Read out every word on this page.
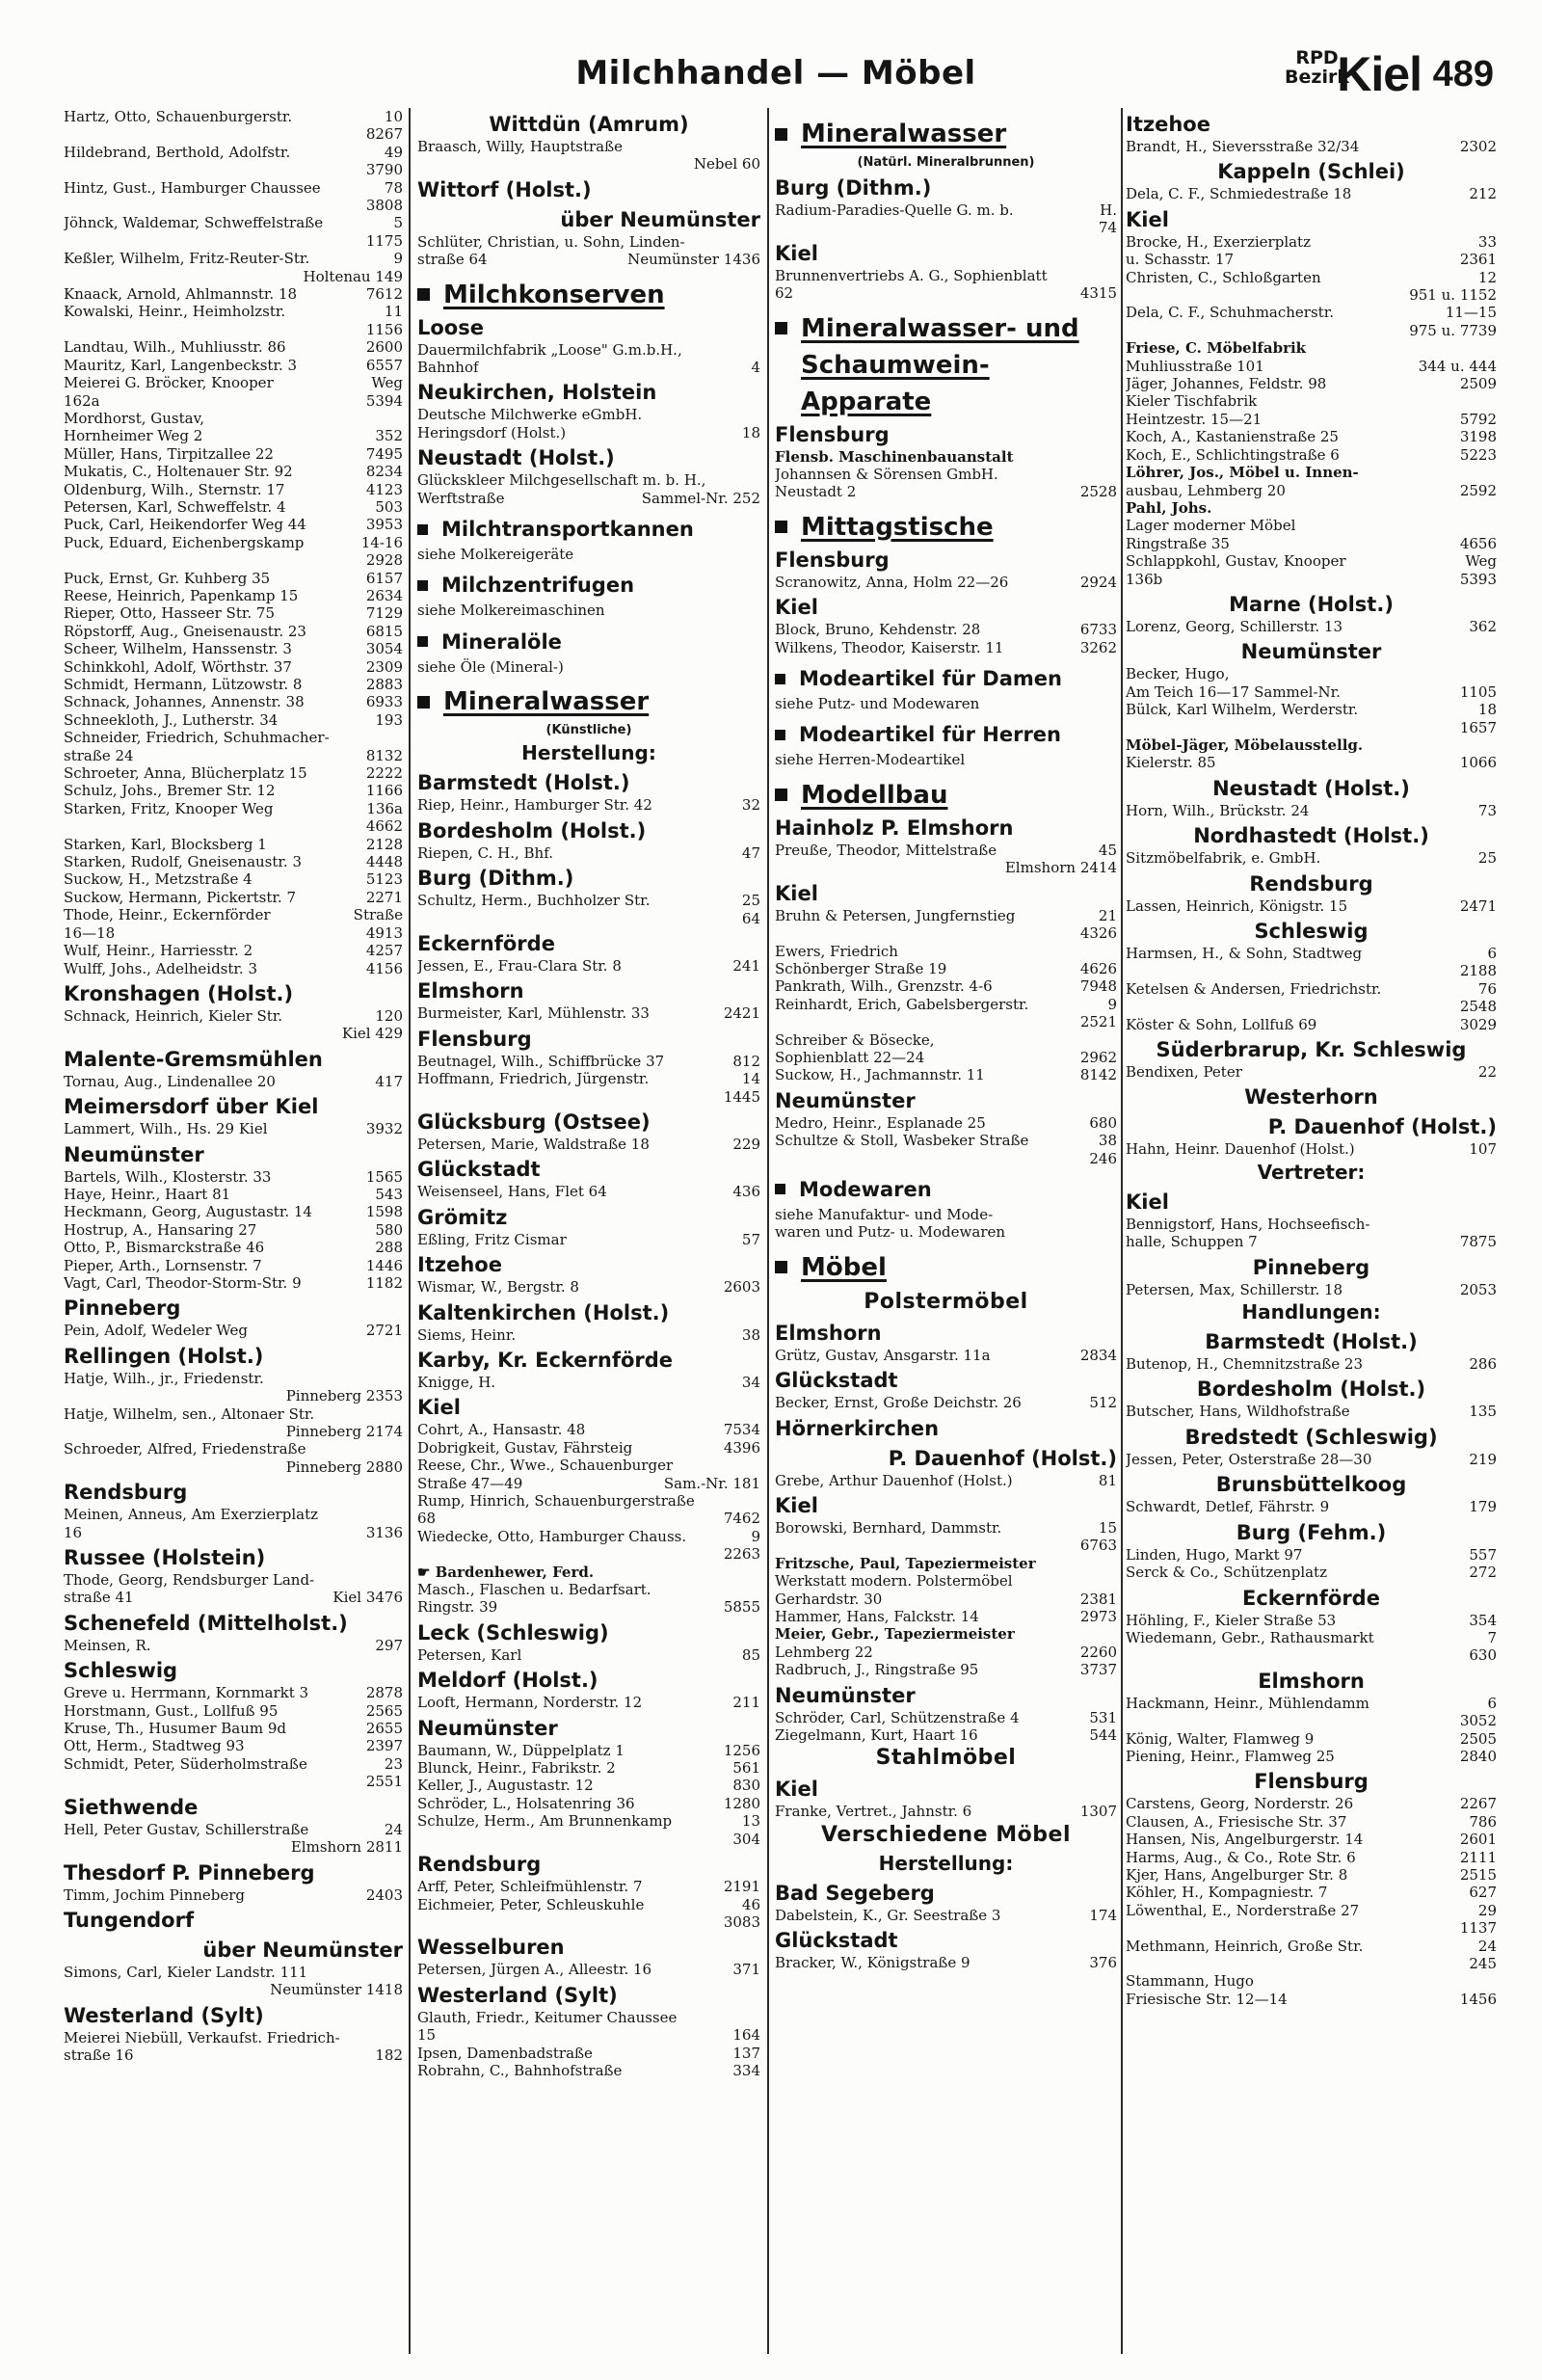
Milchhandel — Möbel	RPD
Bezirk
Kiel 489
Hartz, Otto, Schauenburgerstr.	10
8267
Hildebrand, Berthold, Adolfstr.	49
3790
Hintz, Gust., Hamburger Chaussee	78
3808
Jöhnck, Waldemar, Schweffelstraße	5
1175
Keßler, Wilhelm, Fritz-Reuter-Str.	9
Holtenau 149
Knaack, Arnold, Ahlmannstr. 18	7612
Kowalski, Heinr., Heimholzstr.	11
1156
Landtau, Wilh., Muhliusstr. 86	2600
Mauritz, Karl, Langenbeckstr. 3	6557
Meierei G. Bröcker, Knooper	Weg
162a	5394
Mordhorst, Gustav,
Hornheimer Weg 2	352
Müller, Hans, Tirpitzallee 22	7495
Mukatis, C., Holtenauer Str. 92	8234
Oldenburg, Wilh., Sternstr. 17	4123
Petersen, Karl, Schweffelstr. 4	503
Puck, Carl, Heikendorfer Weg 44	3953
Puck, Eduard, Eichenbergskamp	14-16
2928
Puck, Ernst, Gr. Kuhberg 35	6157
Reese, Heinrich, Papenkamp 15	2634
Rieper, Otto, Hasseer Str. 75	7129
Röpstorff, Aug., Gneisenaustr. 23	6815
Scheer, Wilhelm, Hanssenstr. 3	3054
Schinkkohl, Adolf, Wörthstr. 37	2309
Schmidt, Hermann, Lützowstr. 8	2883
Schnack, Johannes, Annenstr. 38	6933
Schneekloth, J., Lutherstr. 34	193
Schneider, Friedrich, Schuhmacher-
straße 24	8132
Schroeter, Anna, Blücherplatz 15	2222
Schulz, Johs., Bremer Str. 12	1166
Starken, Fritz, Knooper Weg	136a
4662
Starken, Karl, Blocksberg 1	2128
Starken, Rudolf, Gneisenaustr. 3	4448
Suckow, H., Metzstraße 4	5123
Suckow, Hermann, Pickertstr. 7	2271
Thode, Heinr., Eckernförder	Straße
16—18	4913
Wulf, Heinr., Harriesstr. 2	4257
Wulff, Johs., Adelheidstr. 3	4156
Kronshagen (Holst.)
Schnack, Heinrich, Kieler Str.	120
Kiel 429
Malente-Gremsmühlen
Tornau, Aug., Lindenallee 20	417
Meimersdorf über Kiel
Lammert, Wilh., Hs. 29 Kiel	3932
Neumünster
Bartels, Wilh., Klosterstr. 33	1565
Haye, Heinr., Haart 81	543
Heckmann, Georg, Augustastr. 14	1598
Hostrup, A., Hansaring 27	580
Otto, P., Bismarckstraße 46	288
Pieper, Arth., Lornsenstr. 7	1446
Vagt, Carl, Theodor-Storm-Str. 9	1182
Pinneberg
Pein, Adolf, Wedeler Weg	2721
Rellingen (Holst.)
Hatje, Wilh., jr., Friedenstr.
Pinneberg 2353
Hatje, Wilhelm, sen., Altonaer Str.
Pinneberg 2174
Schroeder, Alfred, Friedenstraße
Pinneberg 2880
Rendsburg
Meinen, Anneus, Am Exerzierplatz
16	3136
Russee (Holstein)
Thode, Georg, Rendsburger Land-
straße 41	Kiel 3476
Schenefeld (Mittelholst.)
Meinsen, R.	297
Schleswig
Greve u. Herrmann, Kornmarkt 3	2878
Horstmann, Gust., Lollfuß 95	2565
Kruse, Th., Husumer Baum 9d	2655
Ott, Herm., Stadtweg 93	2397
Schmidt, Peter, Süderholmstraße	23
2551
Siethwende
Hell, Peter Gustav, Schillerstraße	24
Elmshorn 2811
Thesdorf P. Pinneberg
Timm, Jochim Pinneberg	2403
Tungendorf
über Neumünster
Simons, Carl, Kieler Landstr. 111
Neumünster 1418
Westerland (Sylt)
Meierei Niebüll, Verkaufst. Friedrich-
straße 16	182
Wittdün (Amrum)
Braasch, Willy, Hauptstraße
Nebel 60
Wittorf (Holst.)
über Neumünster
Schlüter, Christian, u. Sohn, Linden-
straße 64	Neumünster 1436
Milchkonserven
Loose
Dauermilchfabrik „Loose" G.m.b.H.,
Bahnhof	4
Neukirchen, Holstein
Deutsche Milchwerke eGmbH.
Heringsdorf (Holst.)	18
Neustadt (Holst.)
Glückskleer Milchgesellschaft m. b. H.,
Werftstraße	Sammel-Nr. 252
Milchtransportkannen
siehe Molkereigeräte
Milchzentrifugen
siehe Molkereimaschinen
Mineralöle
siehe Öle (Mineral-)
Mineralwasser
(Künstliche)
Herstellung:
Barmstedt (Holst.)
Riep, Heinr., Hamburger Str. 42	32
Bordesholm (Holst.)
Riepen, C. H., Bhf.	47
Burg (Dithm.)
Schultz, Herm., Buchholzer Str.	25
64
Eckernförde
Jessen, E., Frau-Clara Str. 8	241
Elmshorn
Burmeister, Karl, Mühlenstr. 33	2421
Flensburg
Beutnagel, Wilh., Schiffbrücke 37	812
Hoffmann, Friedrich, Jürgenstr.	14
1445
Glücksburg (Ostsee)
Petersen, Marie, Waldstraße 18	229
Glückstadt
Weisenseel, Hans, Flet 64	436
Grömitz
Eßling, Fritz Cismar	57
Itzehoe
Wismar, W., Bergstr. 8	2603
Kaltenkirchen (Holst.)
Siems, Heinr.	38
Karby, Kr. Eckernförde
Knigge, H.	34
Kiel
Cohrt, A., Hansastr. 48	7534
Dobrigkeit, Gustav, Fährsteig	4396
Reese, Chr., Wwe., Schauenburger
Straße 47—49	Sam.-Nr. 181
Rump, Hinrich, Schauenburgerstraße
68	7462
Wiedecke, Otto, Hamburger Chauss.	9
2263
☛ Bardenhewer, Ferd.
Masch., Flaschen u. Bedarfsart.
Ringstr. 39	5855
Leck (Schleswig)
Petersen, Karl	85
Meldorf (Holst.)
Looft, Hermann, Norderstr. 12	211
Neumünster
Baumann, W., Düppelplatz 1	1256
Blunck, Heinr., Fabrikstr. 2	561
Keller, J., Augustastr. 12	830
Schröder, L., Holsatenring 36	1280
Schulze, Herm., Am Brunnenkamp	13
304
Rendsburg
Arff, Peter, Schleifmühlenstr. 7	2191
Eichmeier, Peter, Schleuskuhle	46
3083
Wesselburen
Petersen, Jürgen A., Alleestr. 16	371
Westerland (Sylt)
Glauth, Friedr., Keitumer Chaussee
15	164
Ipsen, Damenbadstraße	137
Robrahn, C., Bahnhofstraße	334
Mineralwasser
(Natürl. Mineralbrunnen)
Burg (Dithm.)
Radium-Paradies-Quelle G. m. b.	H.
74
Kiel
Brunnenvertriebs A. G., Sophienblatt
62	4315
Mineralwasser- und
Schaumwein-
Apparate
Flensburg
Flensb. Maschinenbauanstalt
Johannsen & Sörensen GmbH.
Neustadt 2	2528
Mittagstische
Flensburg
Scranowitz, Anna, Holm 22—26	2924
Kiel
Block, Bruno, Kehdenstr. 28	6733
Wilkens, Theodor, Kaiserstr. 11	3262
Modeartikel für Damen
siehe Putz- und Modewaren
Modeartikel für Herren
siehe Herren-Modeartikel
Modellbau
Hainholz P. Elmshorn
Preuße, Theodor, Mittelstraße	45
Elmshorn 2414
Kiel
Bruhn & Petersen, Jungfernstieg	21
4326
Ewers, Friedrich
Schönberger Straße 19	4626
Pankrath, Wilh., Grenzstr. 4-6	7948
Reinhardt, Erich, Gabelsbergerstr.	9
2521
Schreiber & Bösecke,
Sophienblatt 22—24	2962
Suckow, H., Jachmannstr. 11	8142
Neumünster
Medro, Heinr., Esplanade 25	680
Schultze & Stoll, Wasbeker Straße	38
246
Modewaren
siehe Manufaktur- und Mode-
waren und Putz- u. Modewaren
Möbel
Polstermöbel
Elmshorn
Grütz, Gustav, Ansgarstr. 11a	2834
Glückstadt
Becker, Ernst, Große Deichstr. 26	512
Hörnerkirchen
P. Dauenhof (Holst.)
Grebe, Arthur Dauenhof (Holst.)	81
Kiel
Borowski, Bernhard, Dammstr.	15
6763
Fritzsche, Paul, Tapeziermeister
Werkstatt modern. Polstermöbel
Gerhardstr. 30	2381
Hammer, Hans, Falckstr. 14	2973
Meier, Gebr., Tapeziermeister
Lehmberg 22	2260
Radbruch, J., Ringstraße 95	3737
Neumünster
Schröder, Carl, Schützenstraße 4	531
Ziegelmann, Kurt, Haart 16	544
Stahlmöbel
Kiel
Franke, Vertret., Jahnstr. 6	1307
Verschiedene Möbel
Herstellung:
Bad Segeberg
Dabelstein, K., Gr. Seestraße 3	174
Glückstadt
Bracker, W., Königstraße 9	376
Itzehoe
Brandt, H., Sieversstraße 32/34	2302
Kappeln (Schlei)
Dela, C. F., Schmiedestraße 18	212
Kiel
Brocke, H., Exerzierplatz	33
u. Schasstr. 17	2361
Christen, C., Schloßgarten	12
951 u. 1152
Dela, C. F., Schuhmacherstr.	11—15
975 u. 7739
Friese, C. Möbelfabrik
Muhliusstraße 101	344 u. 444
Jäger, Johannes, Feldstr. 98	2509
Kieler Tischfabrik
Heintzestr. 15—21	5792
Koch, A., Kastanienstraße 25	3198
Koch, E., Schlichtingstraße 6	5223
Löhrer, Jos., Möbel u. Innen-
ausbau, Lehmberg 20	2592
Pahl, Johs.
Lager moderner Möbel
Ringstraße 35	4656
Schlappkohl, Gustav, Knooper	Weg
136b	5393
Marne (Holst.)
Lorenz, Georg, Schillerstr. 13	362
Neumünster
Becker, Hugo,
Am Teich 16—17 Sammel-Nr.	1105
Bülck, Karl Wilhelm, Werderstr.	18
1657
Möbel-Jäger, Möbelausstellg.
Kielerstr. 85	1066
Neustadt (Holst.)
Horn, Wilh., Brückstr. 24	73
Nordhastedt (Holst.)
Sitzmöbelfabrik, e. GmbH.	25
Rendsburg
Lassen, Heinrich, Königstr. 15	2471
Schleswig
Harmsen, H., & Sohn, Stadtweg	6
2188
Ketelsen & Andersen, Friedrichstr.	76
2548
Köster & Sohn, Lollfuß 69	3029
Süderbrarup, Kr. Schleswig
Bendixen, Peter	22
Westerhorn
P. Dauenhof (Holst.)
Hahn, Heinr. Dauenhof (Holst.)	107
Vertreter:
Kiel
Bennigstorf, Hans, Hochseefisch-
halle, Schuppen 7	7875
Pinneberg
Petersen, Max, Schillerstr. 18	2053
Handlungen:
Barmstedt (Holst.)
Butenop, H., Chemnitzstraße 23	286
Bordesholm (Holst.)
Butscher, Hans, Wildhofstraße	135
Bredstedt (Schleswig)
Jessen, Peter, Osterstraße 28—30	219
Brunsbüttelkoog
Schwardt, Detlef, Fährstr. 9	179
Burg (Fehm.)
Linden, Hugo, Markt 97	557
Serck & Co., Schützenplatz	272
Eckernförde
Höhling, F., Kieler Straße 53	354
Wiedemann, Gebr., Rathausmarkt	7
630
Elmshorn
Hackmann, Heinr., Mühlendamm	6
3052
König, Walter, Flamweg 9	2505
Piening, Heinr., Flamweg 25	2840
Flensburg
Carstens, Georg, Norderstr. 26	2267
Clausen, A., Friesische Str. 37	786
Hansen, Nis, Angelburgerstr. 14	2601
Harms, Aug., & Co., Rote Str. 6	2111
Kjer, Hans, Angelburger Str. 8	2515
Köhler, H., Kompagniestr. 7	627
Löwenthal, E., Norderstraße 27	29
1137
Methmann, Heinrich, Große Str.	24
245
Stammann, Hugo
Friesische Str. 12—14	1456
